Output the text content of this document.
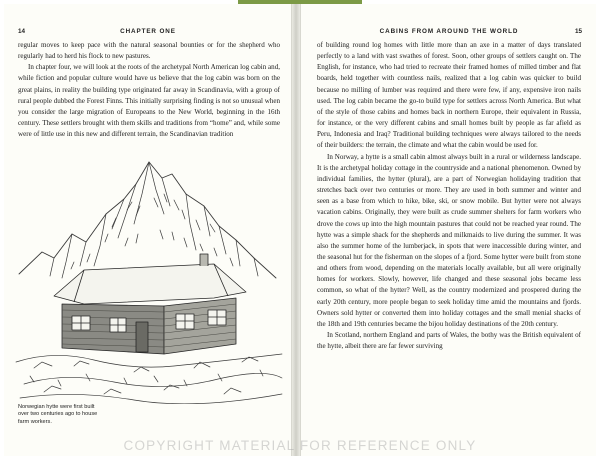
14	CHAPTER ONE

regular moves to keep pace with the natural seasonal bounties or for the shepherd who regularly had to herd his flock to new pastures.

In chapter four, we will look at the roots of the archetypal North American log cabin and, while fiction and popular culture would have us believe that the log cabin was born on the great plains, in reality the building type originated far away in Scandinavia, with a group of rural people dubbed the Forest Finns. This initially surprising finding is not so unusual when you consider the large migration of Europeans to the New World, beginning in the 16th century. These settlers brought with them skills and traditions from “home” and, while some were of little use in this new and different terrain, the Scandinavian tradition

Norwegian hytte were first built over two centuries ago to house farm workers.
CABINS FROM AROUND THE WORLD	15

of building round log homes with little more than an axe in a matter of days translated perfectly to a land with vast swathes of forest. Soon, other groups of settlers caught on. The English, for instance, who had tried to recreate their framed homes of milled timber and flat boards, held together with countless nails, realized that a log cabin was quicker to build because no milling of lumber was required and there were few, if any, expensive iron nails used. The log cabin became the go-to build type for settlers across North America. But what of the style of those cabins and homes back in northern Europe, their equivalent in Russia, for instance, or the very different cabins and small homes built by people as far afield as Peru, Indonesia and Iraq? Traditional building techniques were always tailored to the needs of their builders: the terrain, the climate and what the cabin would be used for.

In Norway, a hytte is a small cabin almost always built in a rural or wilderness landscape. It is the archetypal holiday cottage in the countryside and a national phenomenon. Owned by individual families, the hytter (plural), are a part of Norwegian holidaying tradition that stretches back over two centuries or more. They are used in both summer and winter and seen as a base from which to hike, bike, ski, or snow mobile. But hytter were not always vacation cabins. Originally, they were built as crude summer shelters for farm workers who drove the cows up into the high mountain pastures that could not be reached year round. The hytte was a simple shack for the shepherds and milkmaids to live during the summer. It was also the summer home of the lumberjack, in spots that were inaccessible during winter, and the seasonal hut for the fisherman on the slopes of a fjord. Some hytter were built from stone and others from wood, depending on the materials locally available, but all were originally homes for workers. Slowly, however, life changed and these seasonal jobs became less common, so what of the hytter? Well, as the country modernized and prospered during the early 20th century, more people began to seek holiday time amid the mountains and fjords. Owners sold hytter or converted them into holiday cottages and the small menial shacks of the 18th and 19th centuries became the bijou holiday destinations of the 20th century.

In Scotland, northern England and parts of Wales, the bothy was the British equivalent of the hytte, albeit there are far fewer surviving

COPYRIGHT MATERIAL FOR REFERENCE ONLY
